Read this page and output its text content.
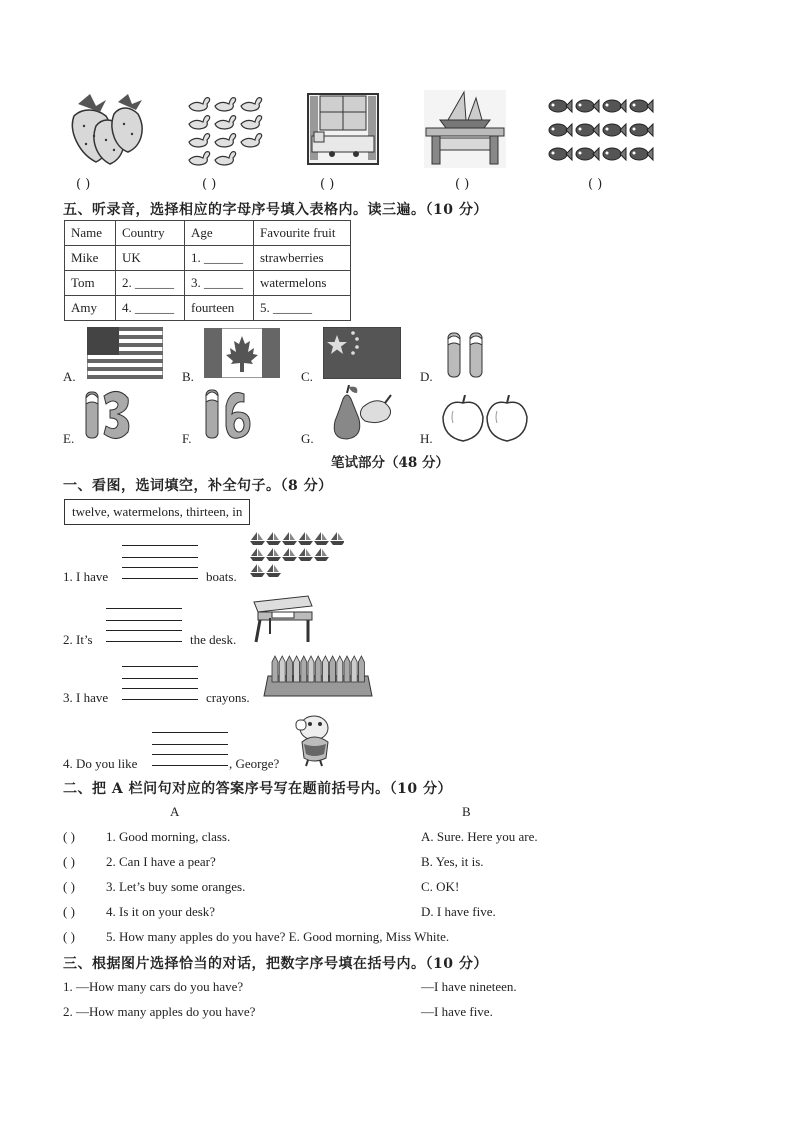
( )	( )	( )	( )	( )
五、听录音，选择相应的字母序号填入表格内。读三遍。（10 分）
Name	Country	Age	Favourite fruit
Mike	UK	1. ______	strawberries
Tom	2. ______	3. ______	watermelons
Amy	4. ______	fourteen	5. ______
A.	B.	C.	D.
E.	F.	G.	H.
笔试部分（48 分）
一、看图，选词填空，补全句子。（8 分）
twelve, watermelons, thirteen, in
1. I have	boats.
2. It’s	the desk.
3. I have	crayons.
4. Do you like	, George?
二、把 A 栏问句对应的答案序号写在题前括号内。（10 分）
A	B
( ) 1. Good morning, class.	A. Sure. Here you are.
( ) 2. Can I have a pear?	B. Yes, it is.
( ) 3. Let’s buy some oranges.	C. OK!
( ) 4. Is it on your desk?	D. I have five.
( ) 5. How many apples do you have? E. Good morning, Miss White.
三、根据图片选择恰当的对话，把数字序号填在括号内。（10 分）
1. —How many cars do you have?	—I have nineteen.
2. —How many apples do you have?	—I have five.
